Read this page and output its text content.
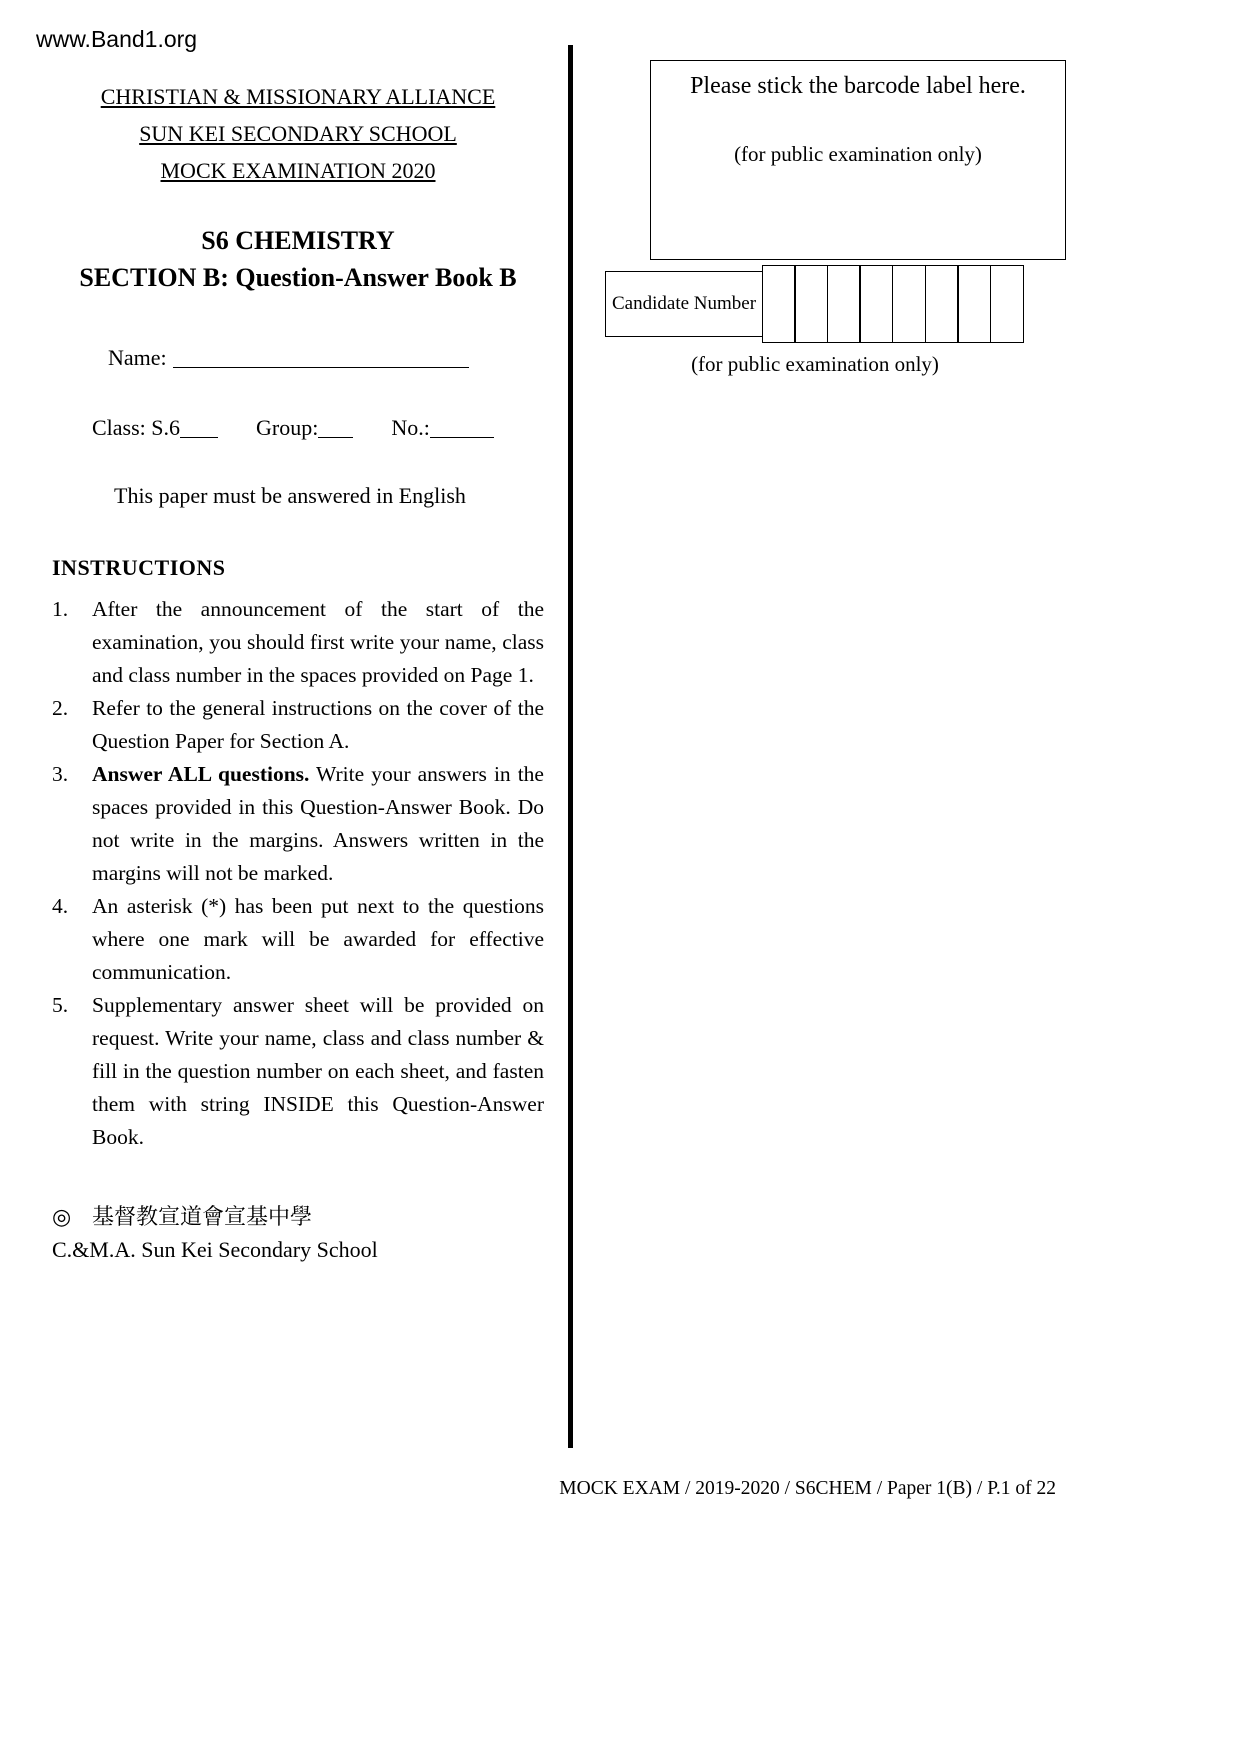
www.Band1.org
CHRISTIAN & MISSIONARY ALLIANCE
SUN KEI SECONDARY SCHOOL
MOCK EXAMINATION 2020
S6 CHEMISTRY
SECTION B: Question-Answer Book B
Name:
Class: S.6	Group:	No.:
This paper must be answered in English
INSTRUCTIONS
1.	After the announcement of the start of the examination, you should first write your name, class and class number in the spaces provided on Page 1.
2.	Refer to the general instructions on the cover of the Question Paper for Section A.
3.	Answer ALL questions. Write your answers in the spaces provided in this Question-Answer Book. Do not write in the margins. Answers written in the margins will not be marked.
4.	An asterisk (*) has been put next to the questions where one mark will be awarded for effective communication.
5.	Supplementary answer sheet will be provided on request. Write your name, class and class number & fill in the question number on each sheet, and fasten them with string INSIDE this Question-Answer Book.
◎ 基督教宣道會宣基中學
C.&M.A. Sun Kei Secondary School
Please stick the barcode label here.
(for public examination only)
Candidate Number
(for public examination only)
MOCK EXAM / 2019-2020 / S6CHEM / Paper 1(B) / P.1 of 22
